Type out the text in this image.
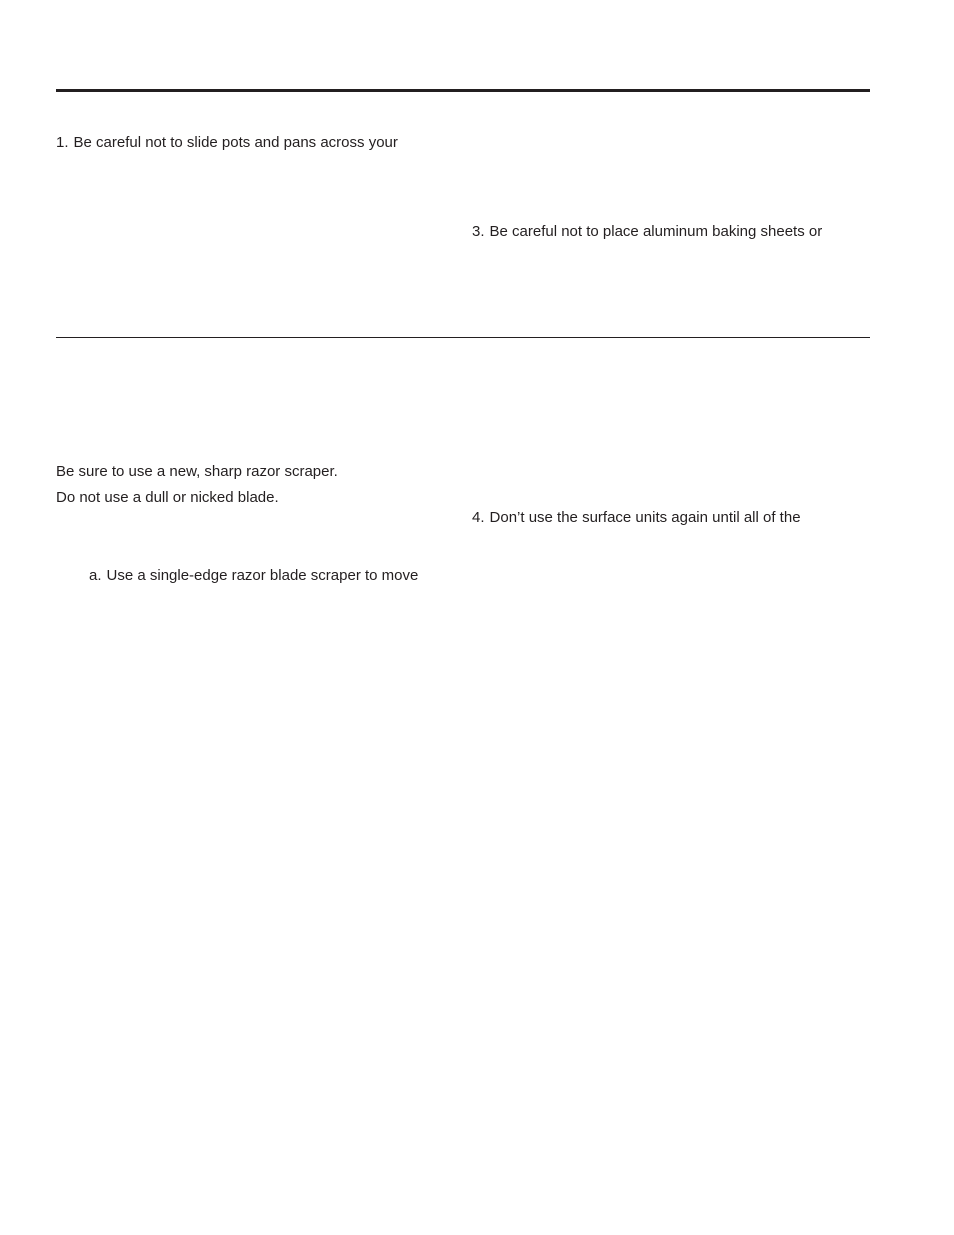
1. Be careful not to slide pots and pans across your
3. Be careful not to place aluminum baking sheets or
Be sure to use a new, sharp razor scraper.
Do not use a dull or nicked blade.
4. Don’t use the surface units again until all of the
a. Use a single-edge razor blade scraper to move
